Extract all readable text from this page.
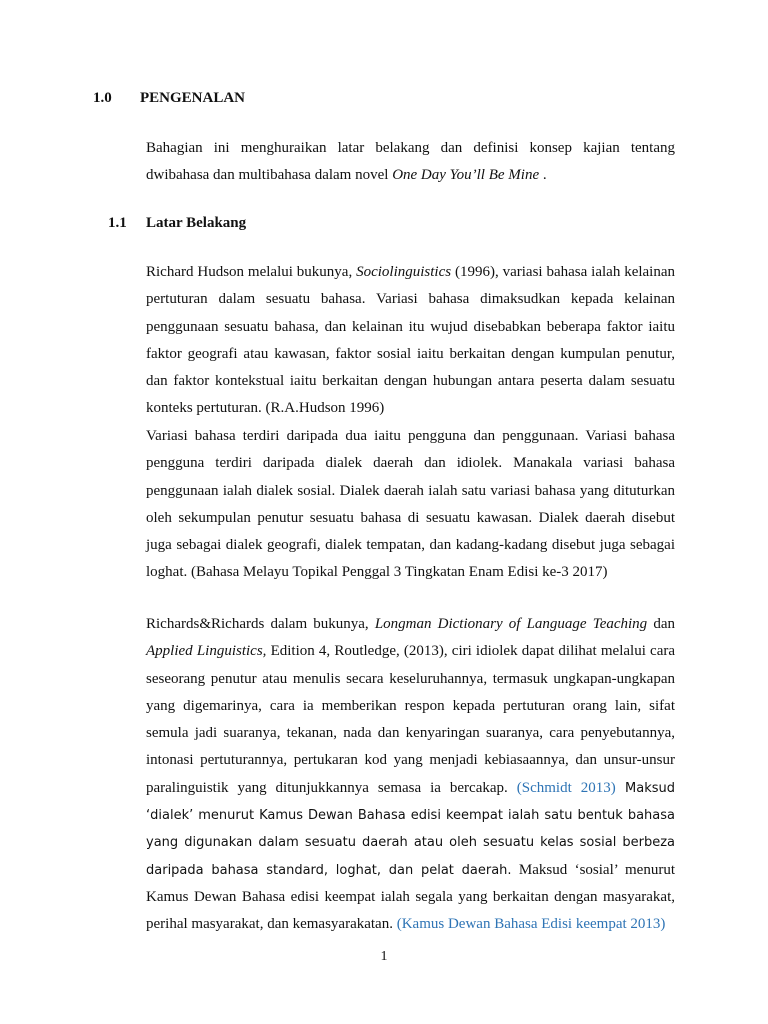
1.0 PENGENALAN

Bahagian ini menghuraikan latar belakang dan definisi konsep kajian tentang dwibahasa dan multibahasa dalam novel One Day You’ll Be Mine .

1.1 Latar Belakang

Richard Hudson melalui bukunya, Sociolinguistics (1996), variasi bahasa ialah kelainan pertuturan dalam sesuatu bahasa. Variasi bahasa dimaksudkan kepada kelainan penggunaan sesuatu bahasa, dan kelainan itu wujud disebabkan beberapa faktor iaitu faktor geografi atau kawasan, faktor sosial iaitu berkaitan dengan kumpulan penutur, dan faktor kontekstual iaitu berkaitan dengan hubungan antara peserta dalam sesuatu konteks pertuturan. (R.A.Hudson 1996)

Variasi bahasa terdiri daripada dua iaitu pengguna dan penggunaan. Variasi bahasa pengguna terdiri daripada dialek daerah dan idiolek. Manakala variasi bahasa penggunaan ialah dialek sosial. Dialek daerah ialah satu variasi bahasa yang dituturkan oleh sekumpulan penutur sesuatu bahasa di sesuatu kawasan. Dialek daerah disebut juga sebagai dialek geografi, dialek tempatan, dan kadang-kadang disebut juga sebagai loghat. (Bahasa Melayu Topikal Penggal 3 Tingkatan Enam Edisi ke-3 2017)

Richards&Richards dalam bukunya, Longman Dictionary of Language Teaching dan Applied Linguistics, Edition 4, Routledge, (2013), ciri idiolek dapat dilihat melalui cara seseorang penutur atau menulis secara keseluruhannya, termasuk ungkapan-ungkapan yang digemarinya, cara ia memberikan respon kepada pertuturan orang lain, sifat semula jadi suaranya, tekanan, nada dan kenyaringan suaranya, cara penyebutannya, intonasi pertuturannya, pertukaran kod yang menjadi kebiasaannya, dan unsur-unsur paralinguistik yang ditunjukkannya semasa ia bercakap. (Schmidt 2013) Maksud ‘dialek’ menurut Kamus Dewan Bahasa edisi keempat ialah satu bentuk bahasa yang digunakan dalam sesuatu daerah atau oleh sesuatu kelas sosial berbeza daripada bahasa standard, loghat, dan pelat daerah. Maksud ‘sosial’ menurut Kamus Dewan Bahasa edisi keempat ialah segala yang berkaitan dengan masyarakat, perihal masyarakat, dan kemasyarakatan. (Kamus Dewan Bahasa Edisi keempat 2013)

1
